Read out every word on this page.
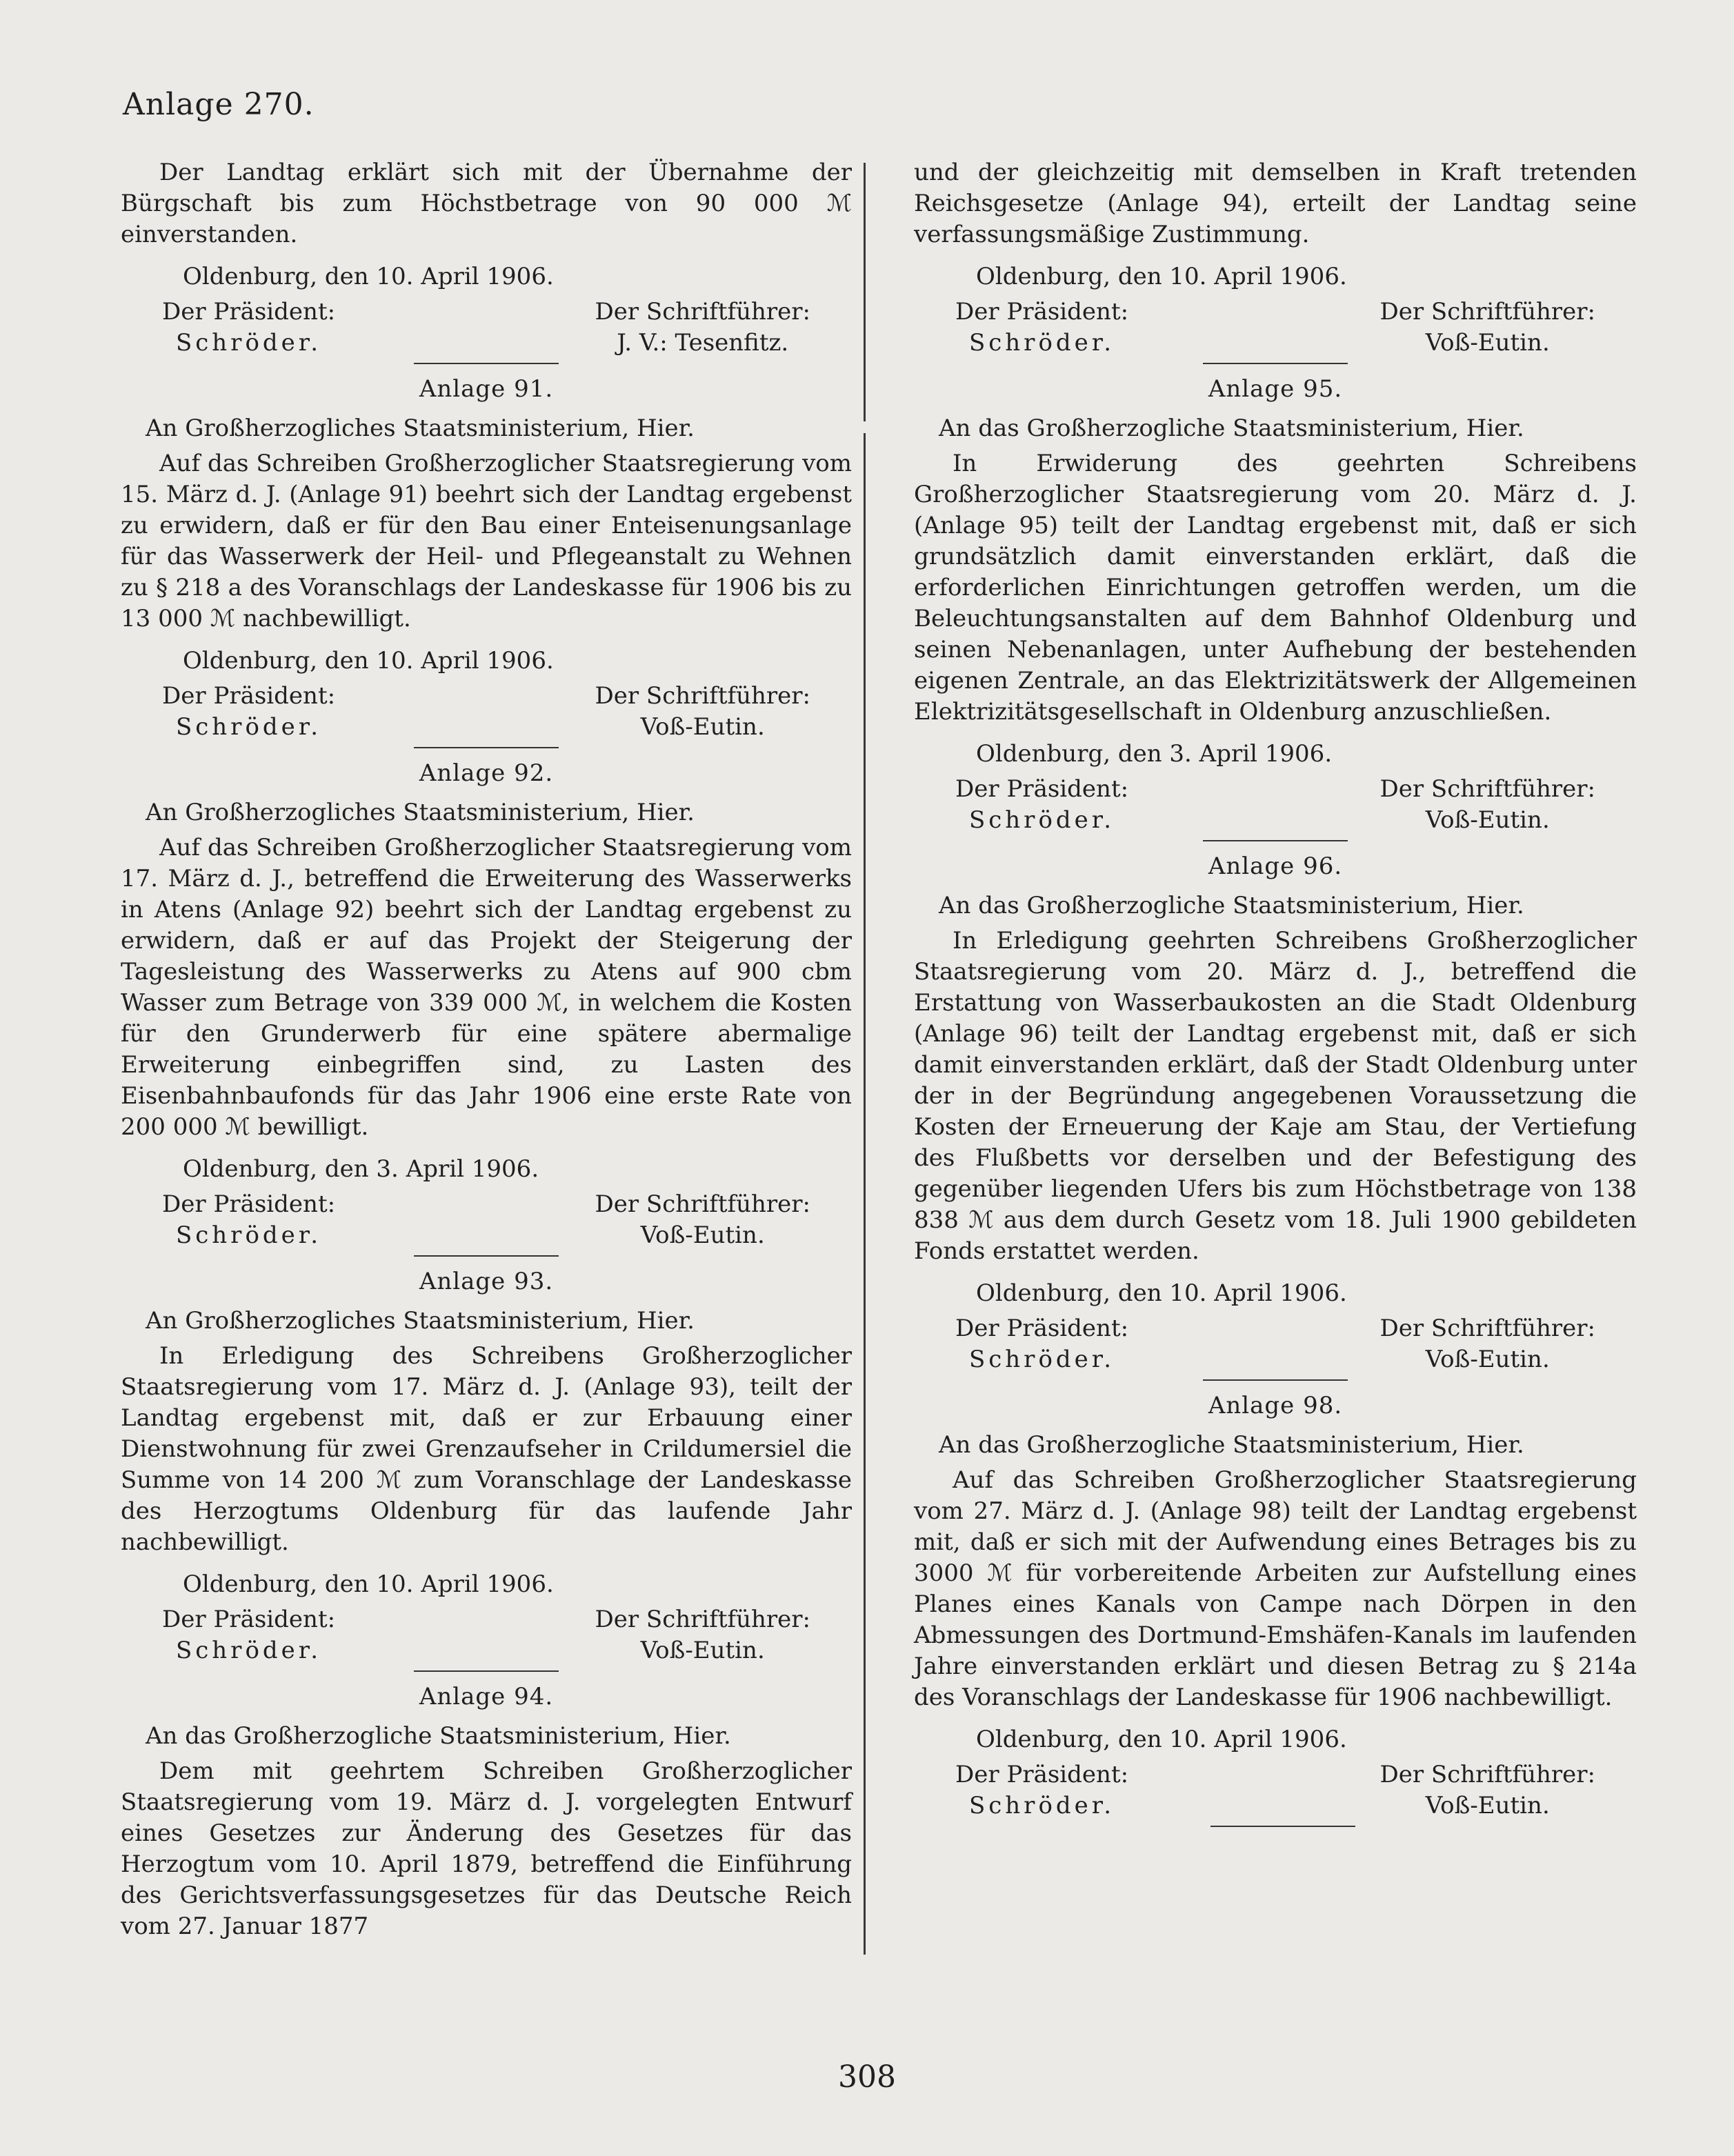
Anlage 270.

Der Landtag erklärt sich mit der Übernahme der Bürgschaft bis zum Höchstbetrage von 90 000 ℳ einverstanden.

Oldenburg, den 10. April 1906.
Der Präsident:
Schröder.
Der Schriftführer:
J. V.: Tesenfitz.
Anlage 91.
An Großherzogliches Staatsministerium, Hier.

Auf das Schreiben Großherzoglicher Staatsregierung vom 15. März d. J. (Anlage 91) beehrt sich der Landtag ergebenst zu erwidern, daß er für den Bau einer Enteisenungsanlage für das Wasserwerk der Heil- und Pflegeanstalt zu Wehnen zu § 218 a des Voranschlags der Landeskasse für 1906 bis zu 13 000 ℳ nachbewilligt.

Oldenburg, den 10. April 1906.
Der Präsident:
Schröder.
Der Schriftführer:
Voß-Eutin.
Anlage 92.
An Großherzogliches Staatsministerium, Hier.

Auf das Schreiben Großherzoglicher Staatsregierung vom 17. März d. J., betreffend die Erweiterung des Wasserwerks in Atens (Anlage 92) beehrt sich der Landtag ergebenst zu erwidern, daß er auf das Projekt der Steigerung der Tagesleistung des Wasserwerks zu Atens auf 900 cbm Wasser zum Betrage von 339 000 ℳ, in welchem die Kosten für den Grunderwerb für eine spätere abermalige Erweiterung einbegriffen sind, zu Lasten des Eisenbahnbaufonds für das Jahr 1906 eine erste Rate von 200 000 ℳ bewilligt.

Oldenburg, den 3. April 1906.
Der Präsident:
Schröder.
Der Schriftführer:
Voß-Eutin.
Anlage 93.
An Großherzogliches Staatsministerium, Hier.

In Erledigung des Schreibens Großherzoglicher Staatsregierung vom 17. März d. J. (Anlage 93), teilt der Landtag ergebenst mit, daß er zur Erbauung einer Dienstwohnung für zwei Grenzaufseher in Crildumersiel die Summe von 14 200 ℳ zum Voranschlage der Landeskasse des Herzogtums Oldenburg für das laufende Jahr nachbewilligt.

Oldenburg, den 10. April 1906.
Der Präsident:
Schröder.
Der Schriftführer:
Voß-Eutin.
Anlage 94.
An das Großherzogliche Staatsministerium, Hier.

Dem mit geehrtem Schreiben Großherzoglicher Staatsregierung vom 19. März d. J. vorgelegten Entwurf eines Gesetzes zur Änderung des Gesetzes für das Herzogtum vom 10. April 1879, betreffend die Einführung des Gerichtsverfassungsgesetzes für das Deutsche Reich vom 27. Januar 1877

und der gleichzeitig mit demselben in Kraft tretenden Reichsgesetze (Anlage 94), erteilt der Landtag seine verfassungsmäßige Zustimmung.

Oldenburg, den 10. April 1906.
Der Präsident:
Schröder.
Der Schriftführer:
Voß-Eutin.
Anlage 95.
An das Großherzogliche Staatsministerium, Hier.

In Erwiderung des geehrten Schreibens Großherzoglicher Staatsregierung vom 20. März d. J. (Anlage 95) teilt der Landtag ergebenst mit, daß er sich grundsätzlich damit einverstanden erklärt, daß die erforderlichen Einrichtungen getroffen werden, um die Beleuchtungsanstalten auf dem Bahnhof Oldenburg und seinen Nebenanlagen, unter Aufhebung der bestehenden eigenen Zentrale, an das Elektrizitätswerk der Allgemeinen Elektrizitätsgesellschaft in Oldenburg anzuschließen.

Oldenburg, den 3. April 1906.
Der Präsident:
Schröder.
Der Schriftführer:
Voß-Eutin.
Anlage 96.
An das Großherzogliche Staatsministerium, Hier.

In Erledigung geehrten Schreibens Großherzoglicher Staatsregierung vom 20. März d. J., betreffend die Erstattung von Wasserbaukosten an die Stadt Oldenburg (Anlage 96) teilt der Landtag ergebenst mit, daß er sich damit einverstanden erklärt, daß der Stadt Oldenburg unter der in der Begründung angegebenen Voraussetzung die Kosten der Erneuerung der Kaje am Stau, der Vertiefung des Flußbetts vor derselben und der Befestigung des gegenüber liegenden Ufers bis zum Höchstbetrage von 138 838 ℳ aus dem durch Gesetz vom 18. Juli 1900 gebildeten Fonds erstattet werden.

Oldenburg, den 10. April 1906.
Der Präsident:
Schröder.
Der Schriftführer:
Voß-Eutin.
Anlage 98.
An das Großherzogliche Staatsministerium, Hier.

Auf das Schreiben Großherzoglicher Staatsregierung vom 27. März d. J. (Anlage 98) teilt der Landtag ergebenst mit, daß er sich mit der Aufwendung eines Betrages bis zu 3000 ℳ für vorbereitende Arbeiten zur Aufstellung eines Planes eines Kanals von Campe nach Dörpen in den Abmessungen des Dortmund-Emshäfen-Kanals im laufenden Jahre einverstanden erklärt und diesen Betrag zu § 214a des Voranschlags der Landeskasse für 1906 nachbewilligt.

Oldenburg, den 10. April 1906.
Der Präsident:
Schröder.
Der Schriftführer:
Voß-Eutin.
308
